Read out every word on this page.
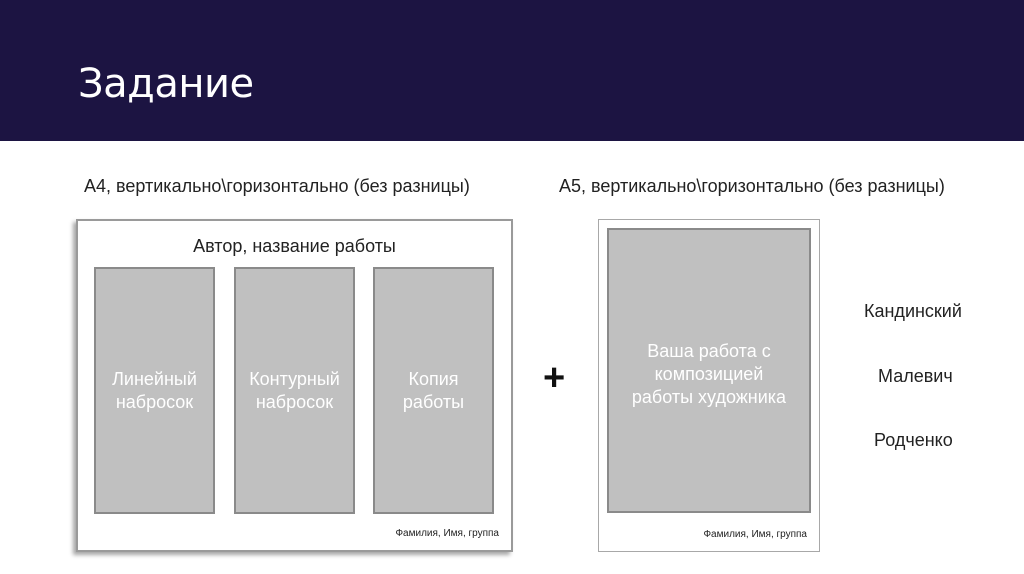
Задание
А4, вертикально\горизонтально (без разницы)	А5, вертикально\горизонтально (без разницы)
Автор, название работы
Линейный
набросок
Контурный
набросок
Копия
работы
Фамилия, Имя, группа
+
Ваша работа с
композицией
работы художника
Фамилия, Имя, группа
Кандинский
Малевич
Родченко
